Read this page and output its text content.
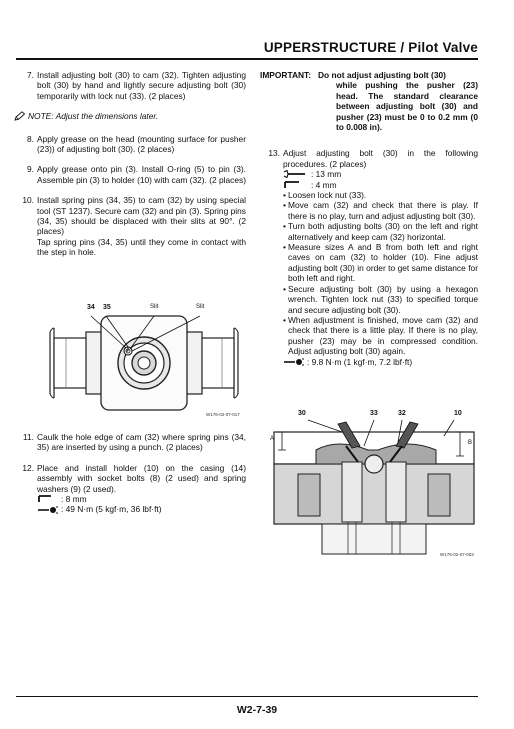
UPPERSTRUCTURE / Pilot Valve
7. Install adjusting bolt (30) to cam (32). Tighten adjusting bolt (30) by hand and lightly secure adjusting bolt (30) temporarily with lock nut (33). (2 places)
NOTE: Adjust the dimensions later.
8. Apply grease on the head (mounting surface for pusher (23)) of adjusting bolt (30). (2 places)
9. Apply grease onto pin (3). Install O-ring (5) to pin (3). Assemble pin (3) to holder (10) with cam (32). (2 places)
10. Install spring pins (34, 35) to cam (32) by using special tool (ST 1237). Secure cam (32) and pin (3). Spring pins (34, 35) should be displaced with their slits at 90°. (2 places)

Tap spring pins (34, 35) until they come in contact with the step in hole.

34 35	Slit	Slit
W176-02-07-017
11. Caulk the hole edge of cam (32) where spring pins (34, 35) are inserted by using a punch. (2 places)
12. Place and install holder (10) on the casing (14) assembly with socket bolts (8) (2 used) and spring washers (9) (2 used).

: 8 mm
: 49 N·m (5 kgf·m, 36 lbf·ft)
IMPORTANT: Do not adjust adjusting bolt (30)
while pushing the pusher (23) head. The standard clearance between adjusting bolt (30) and pusher (23) must be 0 to 0.2 mm (0 to 0.008 in).
13. Adjust adjusting bolt (30) in the following procedures. (2 places)

: 13 mm
: 4 mm
• Loosen lock nut (33).
• Move cam (32) and check that there is play. If there is no play, turn and adjust adjusting bolt (30).
• Turn both adjusting bolts (30) on the left and right alternatively and keep cam (32) horizontal.
• Measure sizes A and B from both left and right caves on cam (32) to holder (10). Fine adjust adjusting bolt (30) in order to get same distance for both left and right.
• Secure adjusting bolt (30) by using a hexagon wrench. Tighten lock nut (33) to specified torque and secure adjusting bolt (30).
• When adjustment is finished, move cam (32) and check that there is a little play. If there is no play, pusher (23) may be in compressed condition. Adjust adjusting bolt (30) again.
: 9.8 N·m (1 kgf·m, 7.2 lbf·ft)
30	33	32	10
A
B
W176-02-07-003
W2-7-39
